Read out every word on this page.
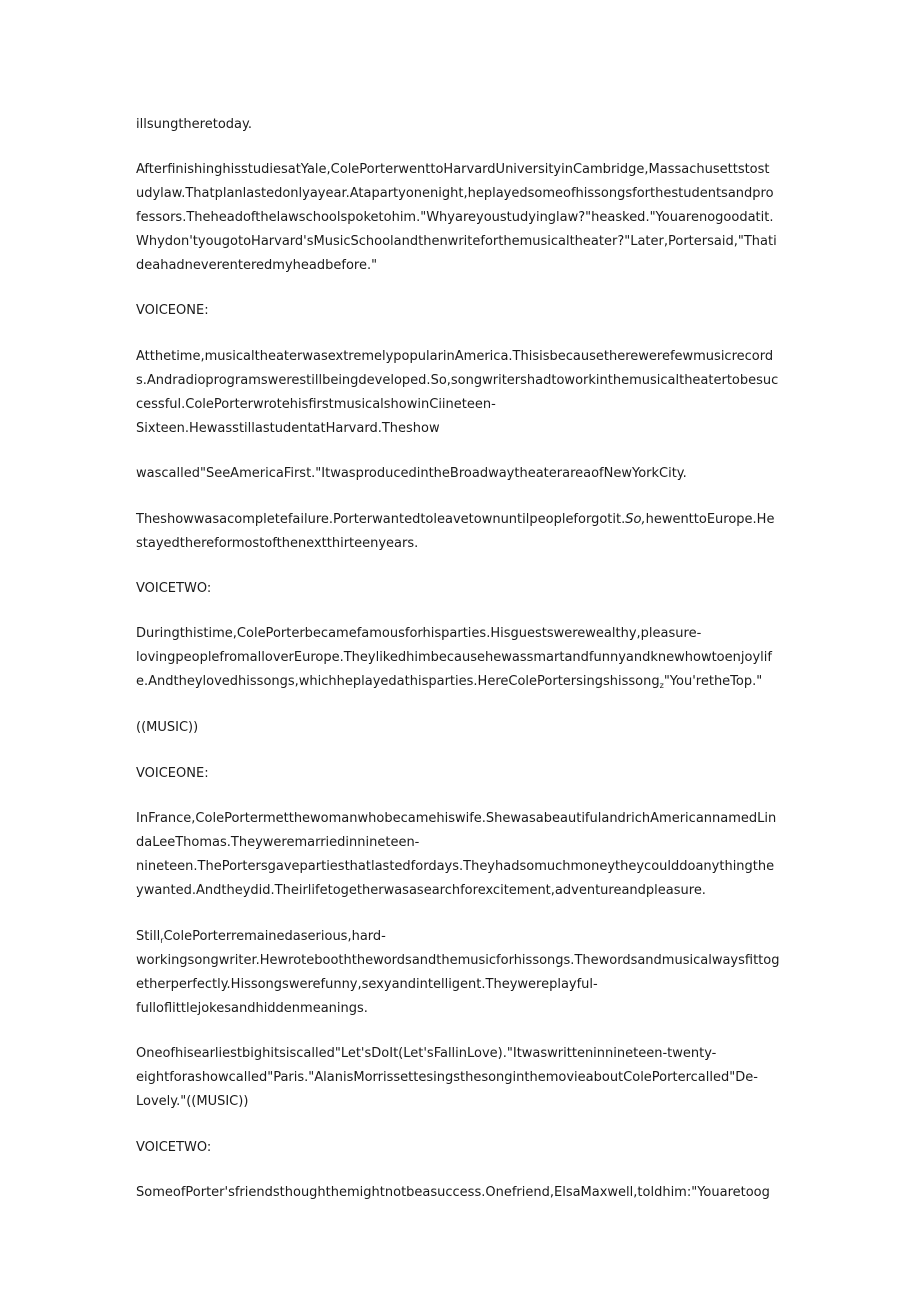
illsungtheretoday.
AfterfinishinghisstudiesatYale,ColePorterwenttoHarvardUniversityinCambridge,Massachusettstost
udylaw.Thatplanlastedonlyayear.Atapartyonenight,heplayedsomeofhissongsforthestudentsandpro
fessors.Theheadofthelawschoolspoketohim."Whyareyoustudyinglaw?"heasked."Youarenogoodatit.
Whydon'tyougotoHarvard'sMusicSchoolandthenwriteforthemusicaltheater?"Later,Portersaid,"Thati
deahadneverenteredmyheadbefore."
VOICEONE:
Atthetime,musicaltheaterwasextremelypopularinAmerica.Thisisbecausetherewerefewmusicrecord
s.Andradioprogramswerestillbeingdeveloped.So,songwritershadtoworkinthemusicaltheatertobesuc
cessful.ColePorterwrotehisfirstmusicalshowinCiineteen-
Sixteen.HewasstillastudentatHarvard.Theshow
wascalled"SeeAmericaFirst."ItwasproducedintheBroadwaytheaterareaofNewYorkCity.
Theshowwasacompletefailure.Porterwantedtoleavetownuntilpeopleforgotit.So,hewenttoEurope.He
stayedthereformostofthenextthirteenyears.
VOICETWO:
Duringthistime,ColePorterbecamefamousforhisparties.Hisguestswerewealthy,pleasure-
lovingpeoplefromalloverEurope.Theylikedhimbecausehewassmartandfunnyandknewhowtoenjoylif
e.Andtheylovedhissongs,whichheplayedathisparties.HereColePortersingshissong$_z$"You'retheTop."
((MUSIC))
VOICEONE:
InFrance,ColePortermetthewomanwhobecamehiswife.ShewasabeautifulandrichAmericannamedLin
daLeeThomas.Theyweremarriedinnineteen-
nineteen.ThePortersgavepartiesthatlastedfordays.Theyhadsomuchmoneytheycoulddoanythingthe
ywanted.Andtheydid.Theirlifetogetherwasasearchforexcitement,adventureandpleasure.
Still$_r$ColePorterremainedaserious,hard-
workingsongwriter.Hewrotebooththewordsandthemusicforhissongs.Thewordsandmusicalwaysfittog
etherperfectly.Hissongswerefunny,sexyandintelligent.Theywereplayful-
fulloflittlejokesandhiddenmeanings.
Oneofhisearliestbighitsiscalled"Let'sDoIt(Let'sFallinLove)."Itwaswritteninnineteen-twenty-
eightforashowcalled"Paris."AlanisMorrissettesingsthesonginthemovieaboutColePortercalled"De-
Lovely."((MUSIC))
VOICETWO:
SomeofPorter'sfriendsthoughthemightnotbeasuccess.Onefriend,ElsaMaxwell,toldhim:"Youaretoog
